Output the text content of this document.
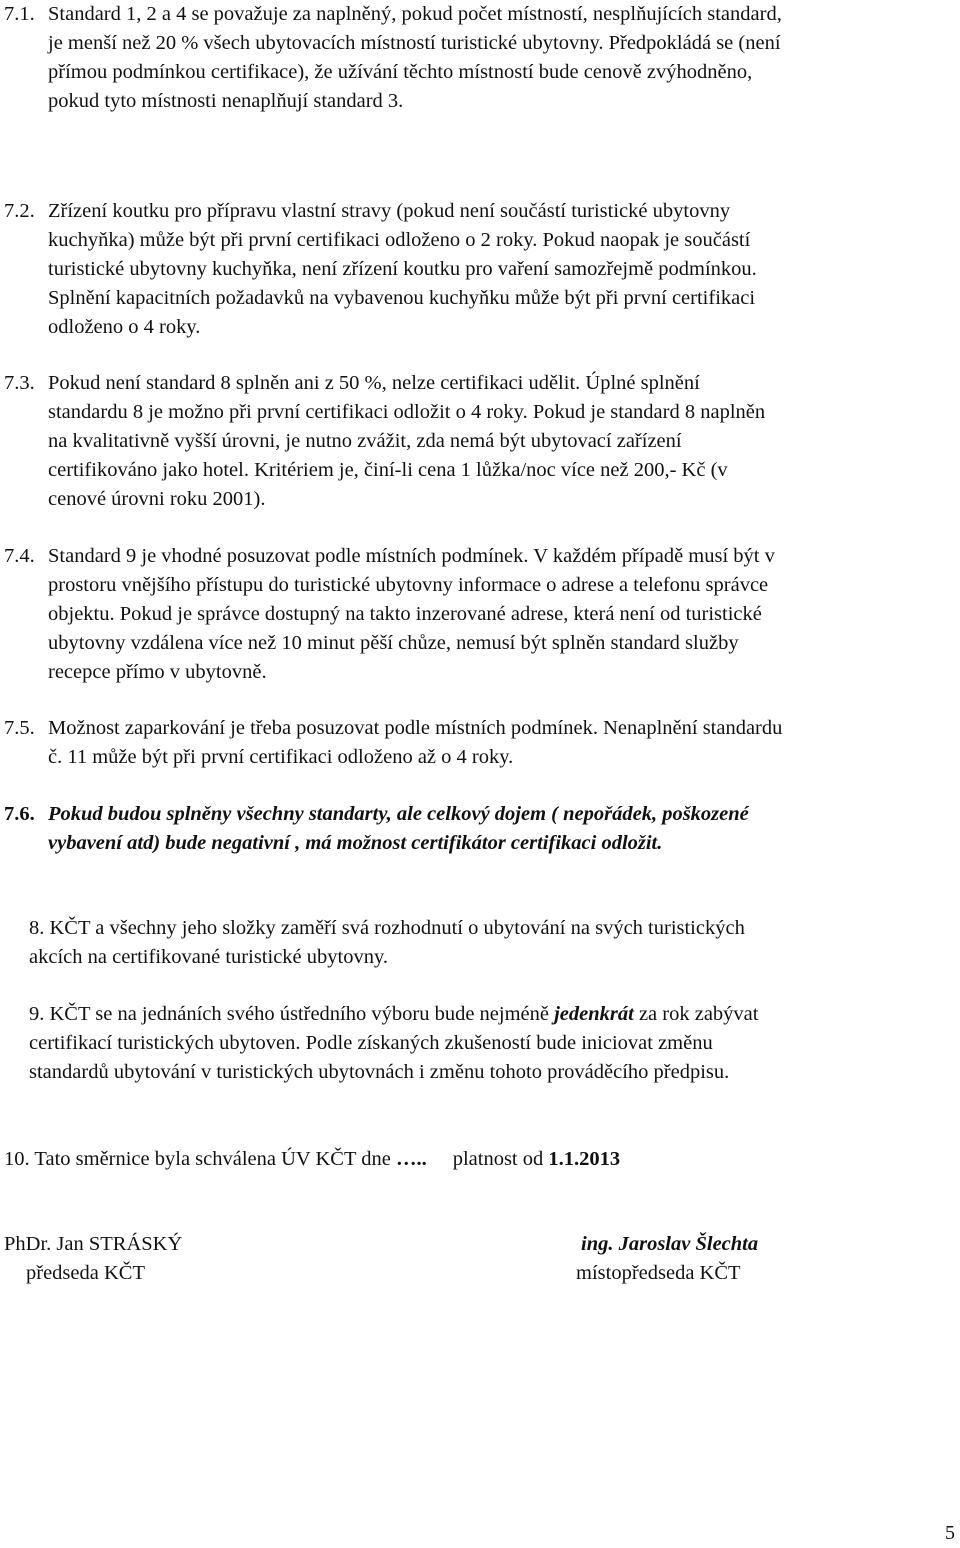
7.1. Standard 1, 2 a 4 se považuje za naplněný, pokud počet místností, nesplňujících standard,
je menší než 20 % všech ubytovacích místností turistické ubytovny. Předpokládá se (není
přímou podmínkou certifikace), že užívání těchto místností bude cenově zvýhodněno,
pokud tyto místnosti nenaplňují standard 3.
7.2. Zřízení koutku pro přípravu vlastní stravy (pokud není součástí turistické ubytovny
kuchyňka) může být při první certifikaci odloženo o 2 roky. Pokud naopak je součástí
turistické ubytovny kuchyňka, není zřízení koutku pro vaření samozřejmě podmínkou.
Splnění kapacitních požadavků na vybavenou kuchyňku může být při první certifikaci
odloženo o 4 roky.
7.3. Pokud není standard 8 splněn ani z 50 %, nelze certifikaci udělit. Úplné splnění
standardu 8 je možno při první certifikaci odložit o 4 roky. Pokud je standard 8 naplněn
na kvalitativně vyšší úrovni, je nutno zvážit, zda nemá být ubytovací zařízení
certifikováno jako hotel. Kritériem je, činí-li cena 1 lůžka/noc více než 200,- Kč (v
cenové úrovni roku 2001).
7.4. Standard 9 je vhodné posuzovat podle místních podmínek. V každém případě musí být v
prostoru vnějšího přístupu do turistické ubytovny informace o adrese a telefonu správce
objektu. Pokud je správce dostupný na takto inzerované adrese, která není od turistické
ubytovny vzdálena více než 10 minut pěší chůze, nemusí být splněn standard služby
recepce přímo v ubytovně.
7.5. Možnost zaparkování je třeba posuzovat podle místních podmínek. Nenaplnění standardu
č. 11 může být při první certifikaci odloženo až o 4 roky.
7.6. Pokud budou splněny všechny standarty, ale celkový dojem ( nepořádek, poškozené
vybavení atd) bude negativní , má možnost certifikátor certifikaci odložit.
8. KČT a všechny jeho složky zaměří svá rozhodnutí o ubytování na svých turistických
akcích na certifikované turistické ubytovny.
9. KČT se na jednáních svého ústředního výboru bude nejméně jedenkrát za rok zabývat
certifikací turistických ubytoven. Podle získaných zkušeností bude iniciovat změnu
standardů ubytování v turistických ubytovnách i změnu tohoto prováděcího předpisu.
10. Tato směrnice byla schválena ÚV KČT dne ….. platnost od 1.1.2013
PhDr. Jan STRÁSKÝ
předseda KČT
ing. Jaroslav Šlechta
místopředseda KČT
5
